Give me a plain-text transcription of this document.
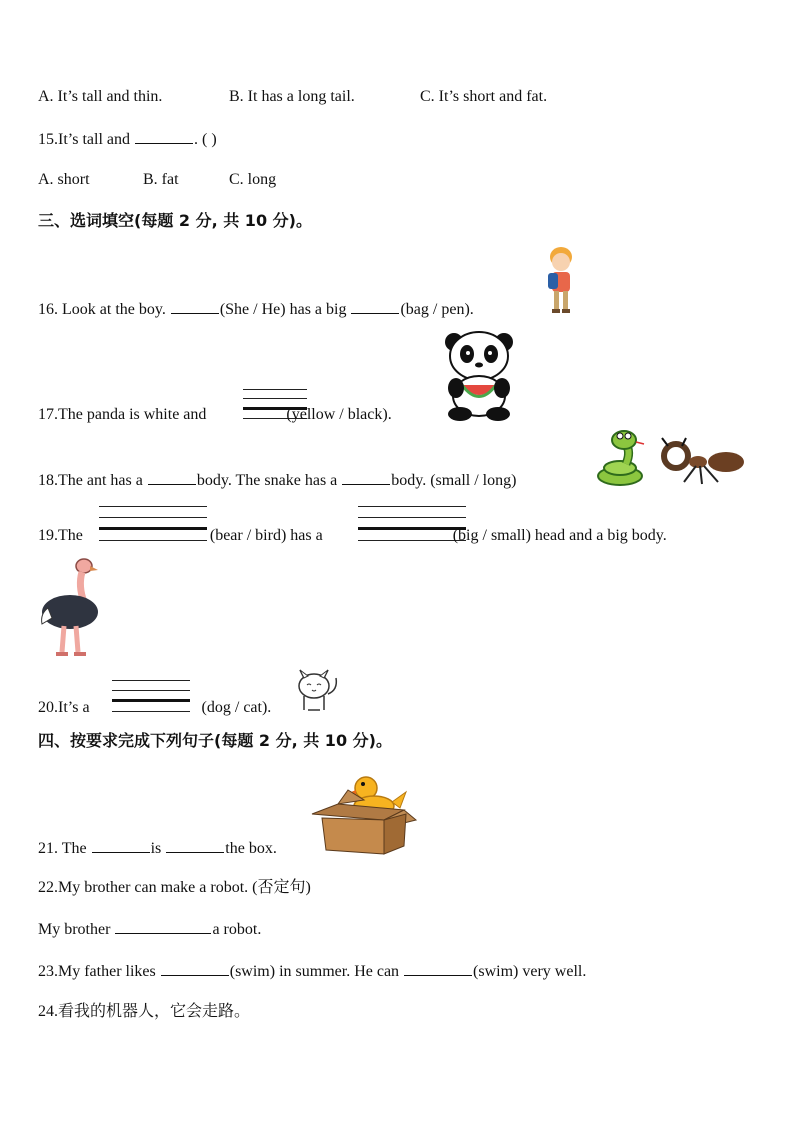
A. It’s tall and thin.	B. It has a long tail.	C. It’s short and fat.
15.It’s tall and	. ( )
A. short	B. fat	C. long
三、选词填空(每题 2 分, 共 10 分)。
16. Look at the boy.	(She / He) has a big	(bag / pen).
17.The panda is white and	(yellow / black).
18.The ant has a	body. The snake has a	body. (small / long)
19.The	(bear / bird) has a	(big / small) head and a big body.
20.It’s a	(dog / cat).
四、按要求完成下列句子(每题 2 分, 共 10 分)。
21. The	is	the box.
22.My brother can make a robot. (否定句)
My brother	a robot.
23.My father likes	(swim) in summer. He can	(swim) very well.
24.看我的机器人，它会走路。
